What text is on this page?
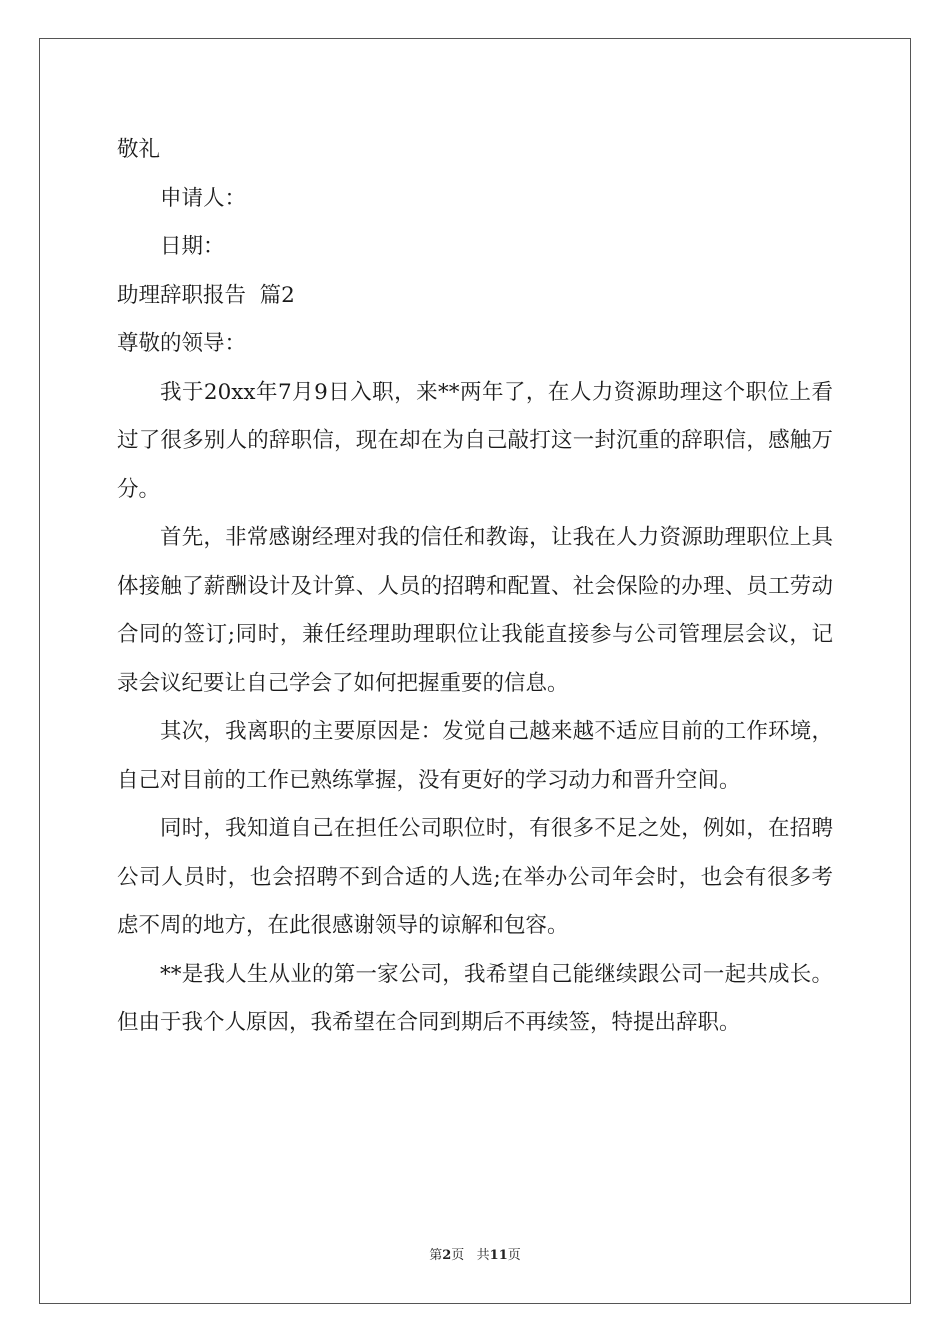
敬礼

申请人：

日期：

助理辞职报告  篇2

尊敬的领导：

我于20xx年7月9日入职，来**两年了，在人力资源助理这个职位上看过了很多别人的辞职信，现在却在为自己敲打这一封沉重的辞职信，感触万分。

首先，非常感谢经理对我的信任和教诲，让我在人力资源助理职位上具体接触了薪酬设计及计算、人员的招聘和配置、社会保险的办理、员工劳动合同的签订;同时，兼任经理助理职位让我能直接参与公司管理层会议，记录会议纪要让自己学会了如何把握重要的信息。

其次，我离职的主要原因是：发觉自己越来越不适应目前的工作环境，自己对目前的工作已熟练掌握，没有更好的学习动力和晋升空间。

同时，我知道自己在担任公司职位时，有很多不足之处，例如，在招聘公司人员时，也会招聘不到合适的人选;在举办公司年会时，也会有很多考虑不周的地方，在此很感谢领导的谅解和包容。

**是我人生从业的第一家公司，我希望自己能继续跟公司一起共成长。但由于我个人原因，我希望在合同到期后不再续签，特提出辞职。

第2页   共11页
